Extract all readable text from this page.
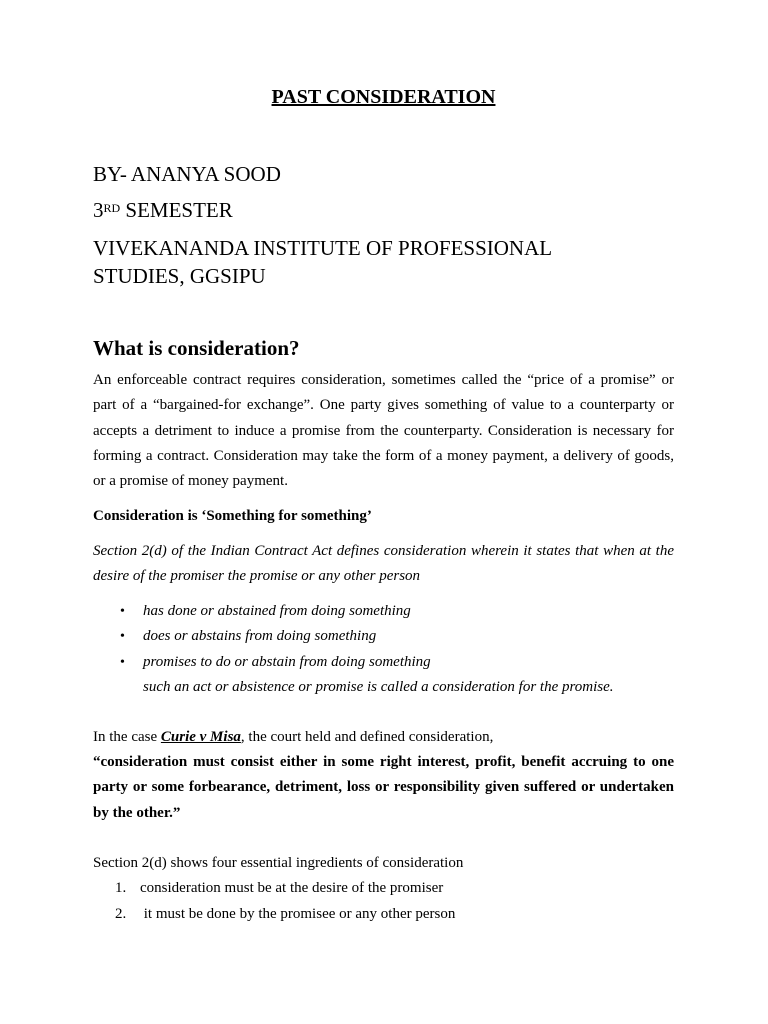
PAST CONSIDERATION

BY- ANANYA SOOD

3RD SEMESTER

VIVEKANANDA INSTITUTE OF PROFESSIONAL

STUDIES, GGSIPU

What is consideration?

An enforceable contract requires consideration, sometimes called the “price of a promise” or part of a “bargained-for exchange”. One party gives something of value to a counterparty or accepts a detriment to induce a promise from the counterparty. Consideration is necessary for forming a contract. Consideration may take the form of a money payment, a delivery of goods, or a promise of money payment.

Consideration is ‘Something for something’

Section 2(d) of the Indian Contract Act defines consideration wherein it states that when at the desire of the promiser the promise or any other person

• has done or abstained from doing something
• does or abstains from doing something
• promises to do or abstain from doing something

such an act or absistence or promise is called a consideration for the promise.

In the case Curie v Misa, the court held and defined consideration,

“consideration must consist either in some right interest, profit, benefit accruing to one party or some forbearance, detriment, loss or responsibility given suffered or undertaken by the other.”

Section 2(d) shows four essential ingredients of consideration

1. consideration must be at the desire of the promiser
2. it must be done by the promisee or any other person
